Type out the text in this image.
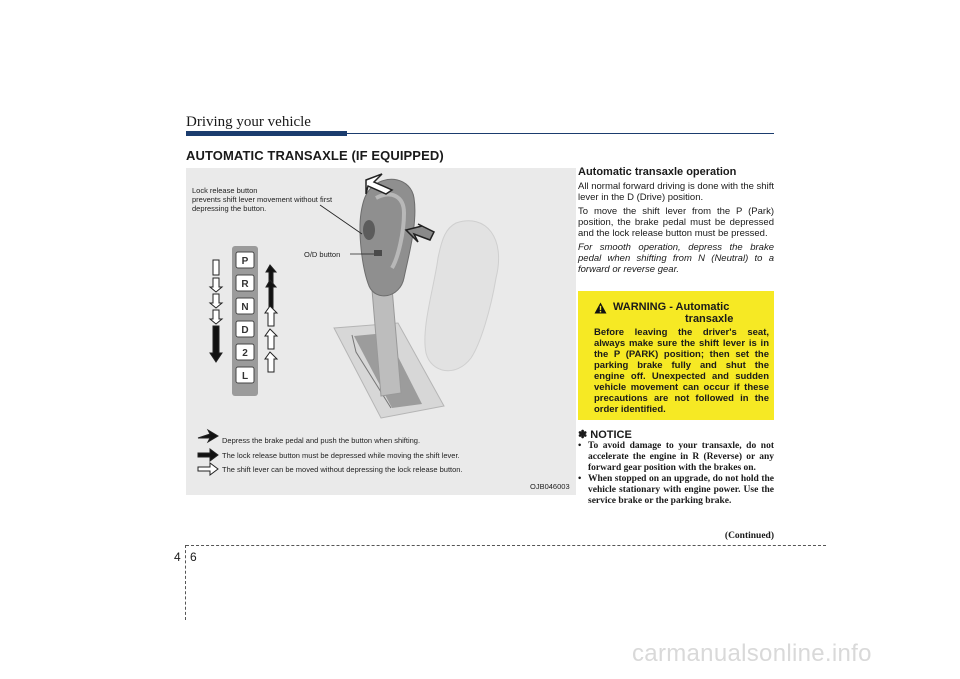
Driving your vehicle
AUTOMATIC TRANSAXLE (IF EQUIPPED)
P
R
N
D
2
L
Lock release button
prevents shift lever movement without first
depressing the button.
O/D button
Depress the brake pedal and push the button when shifting.
The lock release button must be depressed while moving the shift lever.
The shift lever can be moved without depressing the lock release button.
OJB046003
Automatic transaxle operation

All normal forward driving is done with the shift lever in the D (Drive) position.

To move the shift lever from the P (Park) position, the brake pedal must be depressed and the lock release button must be pressed.

For smooth operation, depress the brake pedal when shifting from N (Neutral) to a forward or reverse gear.

WARNING - Automatic
transaxle
Before leaving the driver's seat, always make sure the shift lever is in the P (PARK) position; then set the parking brake fully and shut the engine off. Unexpected and sudden vehicle movement can occur if these precautions are not followed in the order identified.
✽ NOTICE
• To avoid damage to your transaxle, do not accelerate the engine in R (Reverse) or any forward gear position with the brakes on.
• When stopped on an upgrade, do not hold the vehicle stationary with engine power. Use the service brake or the parking brake.
(Continued)
4 6
carmanualsonline.info
